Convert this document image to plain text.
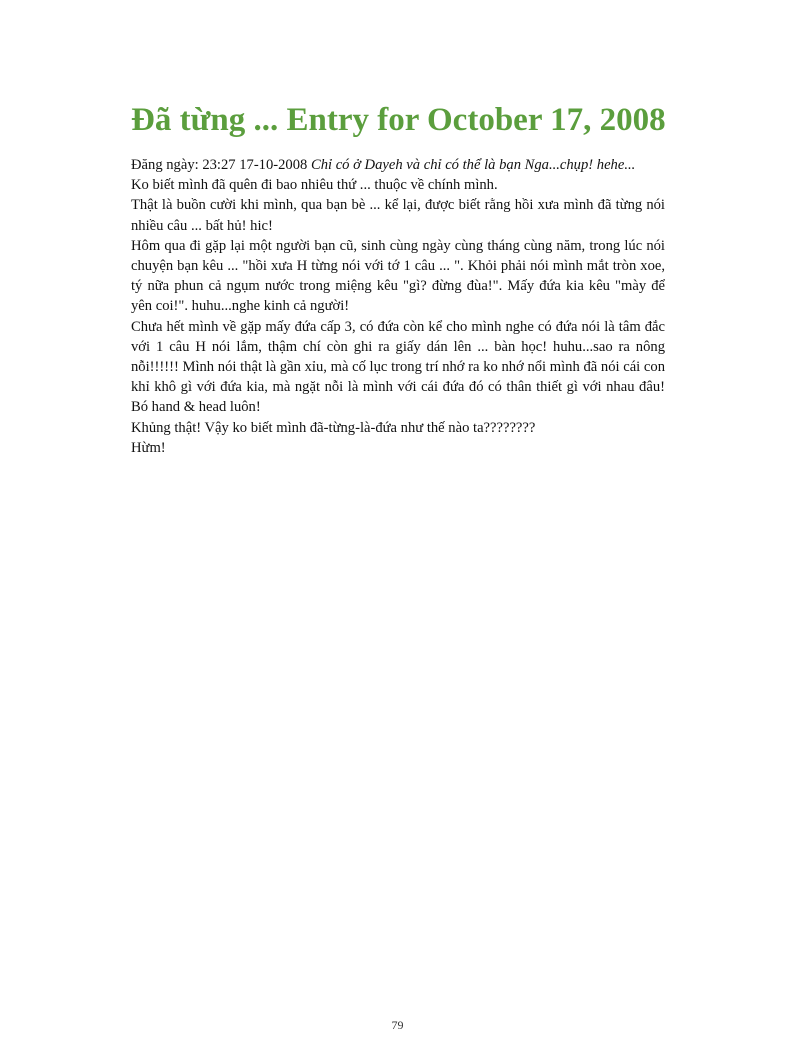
Đã từng ... Entry for October 17, 2008

Đăng ngày: 23:27 17-10-2008 Chỉ có ở Dayeh và chỉ có thể là bạn Nga...chụp! hehe...

Ko biết mình đã quên đi bao nhiêu thứ ... thuộc về chính mình.

Thật là buồn cười khi mình, qua bạn bè ... kể lại, được biết rằng hồi xưa mình đã từng nói nhiều câu ... bất hủ! hic!

Hôm qua đi gặp lại một người bạn cũ, sinh cùng ngày cùng tháng cùng năm, trong lúc nói chuyện bạn kêu ... "hồi xưa H từng nói với tớ 1 câu ... ". Khỏi phải nói mình mắt tròn xoe, tý nữa phun cả ngụm nước trong miệng kêu "gì? đừng đùa!". Mấy đứa kia kêu "mày để yên coi!". huhu...nghe kinh cả người!

Chưa hết mình về gặp mấy đứa cấp 3, có đứa còn kể cho mình nghe có đứa nói là tâm đắc với 1 câu H nói lắm, thậm chí còn ghi ra giấy dán lên ... bàn học! huhu...sao ra nông nỗi!!!!!! Mình nói thật là gần xỉu, mà cố lục trong trí nhớ ra ko nhớ nổi mình đã nói cái con khỉ khô gì với đứa kia, mà ngặt nỗi là mình với cái đứa đó có thân thiết gì với nhau đâu! Bó hand & head luôn!

Khủng thật! Vậy ko biết mình đã-từng-là-đứa như thế nào ta????????

Hừm!

79
